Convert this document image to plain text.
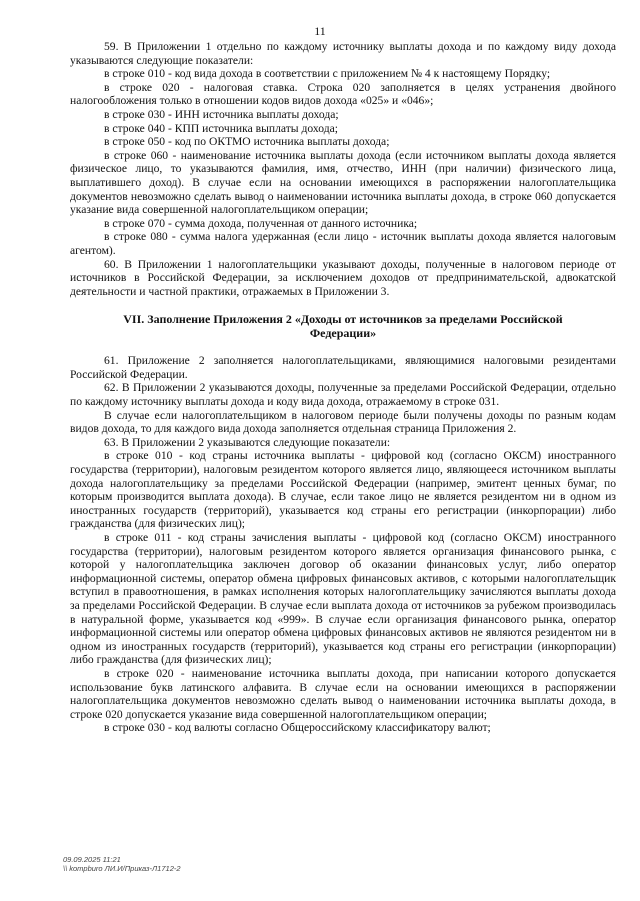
11

59. В Приложении 1 отдельно по каждому источнику выплаты дохода и по каждому виду дохода указываются следующие показатели:

в строке 010 - код вида дохода в соответствии с приложением № 4 к настоящему Порядку;

в строке 020 - налоговая ставка. Строка 020 заполняется в целях устранения двойного налогообложения только в отношении кодов видов дохода «025» и «046»;

в строке 030 - ИНН источника выплаты дохода;

в строке 040 - КПП источника выплаты дохода;

в строке 050 - код по ОКТМО источника выплаты дохода;

в строке 060 - наименование источника выплаты дохода (если источником выплаты дохода является физическое лицо, то указываются фамилия, имя, отчество, ИНН (при наличии) физического лица, выплатившего доход). В случае если на основании имеющихся в распоряжении налогоплательщика документов невозможно сделать вывод о наименовании источника выплаты дохода, в строке 060 допускается указание вида совершенной налогоплательщиком операции;

в строке 070 - сумма дохода, полученная от данного источника;

в строке 080 - сумма налога удержанная (если лицо - источник выплаты дохода является налоговым агентом).

60. В Приложении 1 налогоплательщики указывают доходы, полученные в налоговом периоде от источников в Российской Федерации, за исключением доходов от предпринимательской, адвокатской деятельности и частной практики, отражаемых в Приложении 3.

VII. Заполнение Приложения 2 «Доходы от источников за пределами Российской Федерации»

61. Приложение 2 заполняется налогоплательщиками, являющимися налоговыми резидентами Российской Федерации.

62. В Приложении 2 указываются доходы, полученные за пределами Российской Федерации, отдельно по каждому источнику выплаты дохода и коду вида дохода, отражаемому в строке 031.

В случае если налогоплательщиком в налоговом периоде были получены доходы по разным кодам видов дохода, то для каждого вида дохода заполняется отдельная страница Приложения 2.

63. В Приложении 2 указываются следующие показатели:

в строке 010 - код страны источника выплаты - цифровой код (согласно ОКСМ) иностранного государства (территории), налоговым резидентом которого является лицо, являющееся источником выплаты дохода налогоплательщику за пределами Российской Федерации (например, эмитент ценных бумаг, по которым производится выплата дохода). В случае, если такое лицо не является резидентом ни в одном из иностранных государств (территорий), указывается код страны его регистрации (инкорпорации) либо гражданства (для физических лиц);

в строке 011 - код страны зачисления выплаты - цифровой код (согласно ОКСМ) иностранного государства (территории), налоговым резидентом которого является организация финансового рынка, с которой у налогоплательщика заключен договор об оказании финансовых услуг, либо оператор информационной системы, оператор обмена цифровых финансовых активов, с которыми налогоплательщик вступил в правоотношения, в рамках исполнения которых налогоплательщику зачисляются выплаты дохода за пределами Российской Федерации. В случае если выплата дохода от источников за рубежом производилась в натуральной форме, указывается код «999». В случае если организация финансового рынка, оператор информационной системы или оператор обмена цифровых финансовых активов не являются резидентом ни в одном из иностранных государств (территорий), указывается код страны его регистрации (инкорпорации) либо гражданства (для физических лиц);

в строке 020 - наименование источника выплаты дохода, при написании которого допускается использование букв латинского алфавита. В случае если на основании имеющихся в распоряжении налогоплательщика документов невозможно сделать вывод о наименовании источника выплаты дохода, в строке 020 допускается указание вида совершенной налогоплательщиком операции;

в строке 030 - код валюты согласно Общероссийскому классификатору валют;

09.09.2025 11:21
\\ kompburo ЛИ.И/Приказ-Л1712-2
